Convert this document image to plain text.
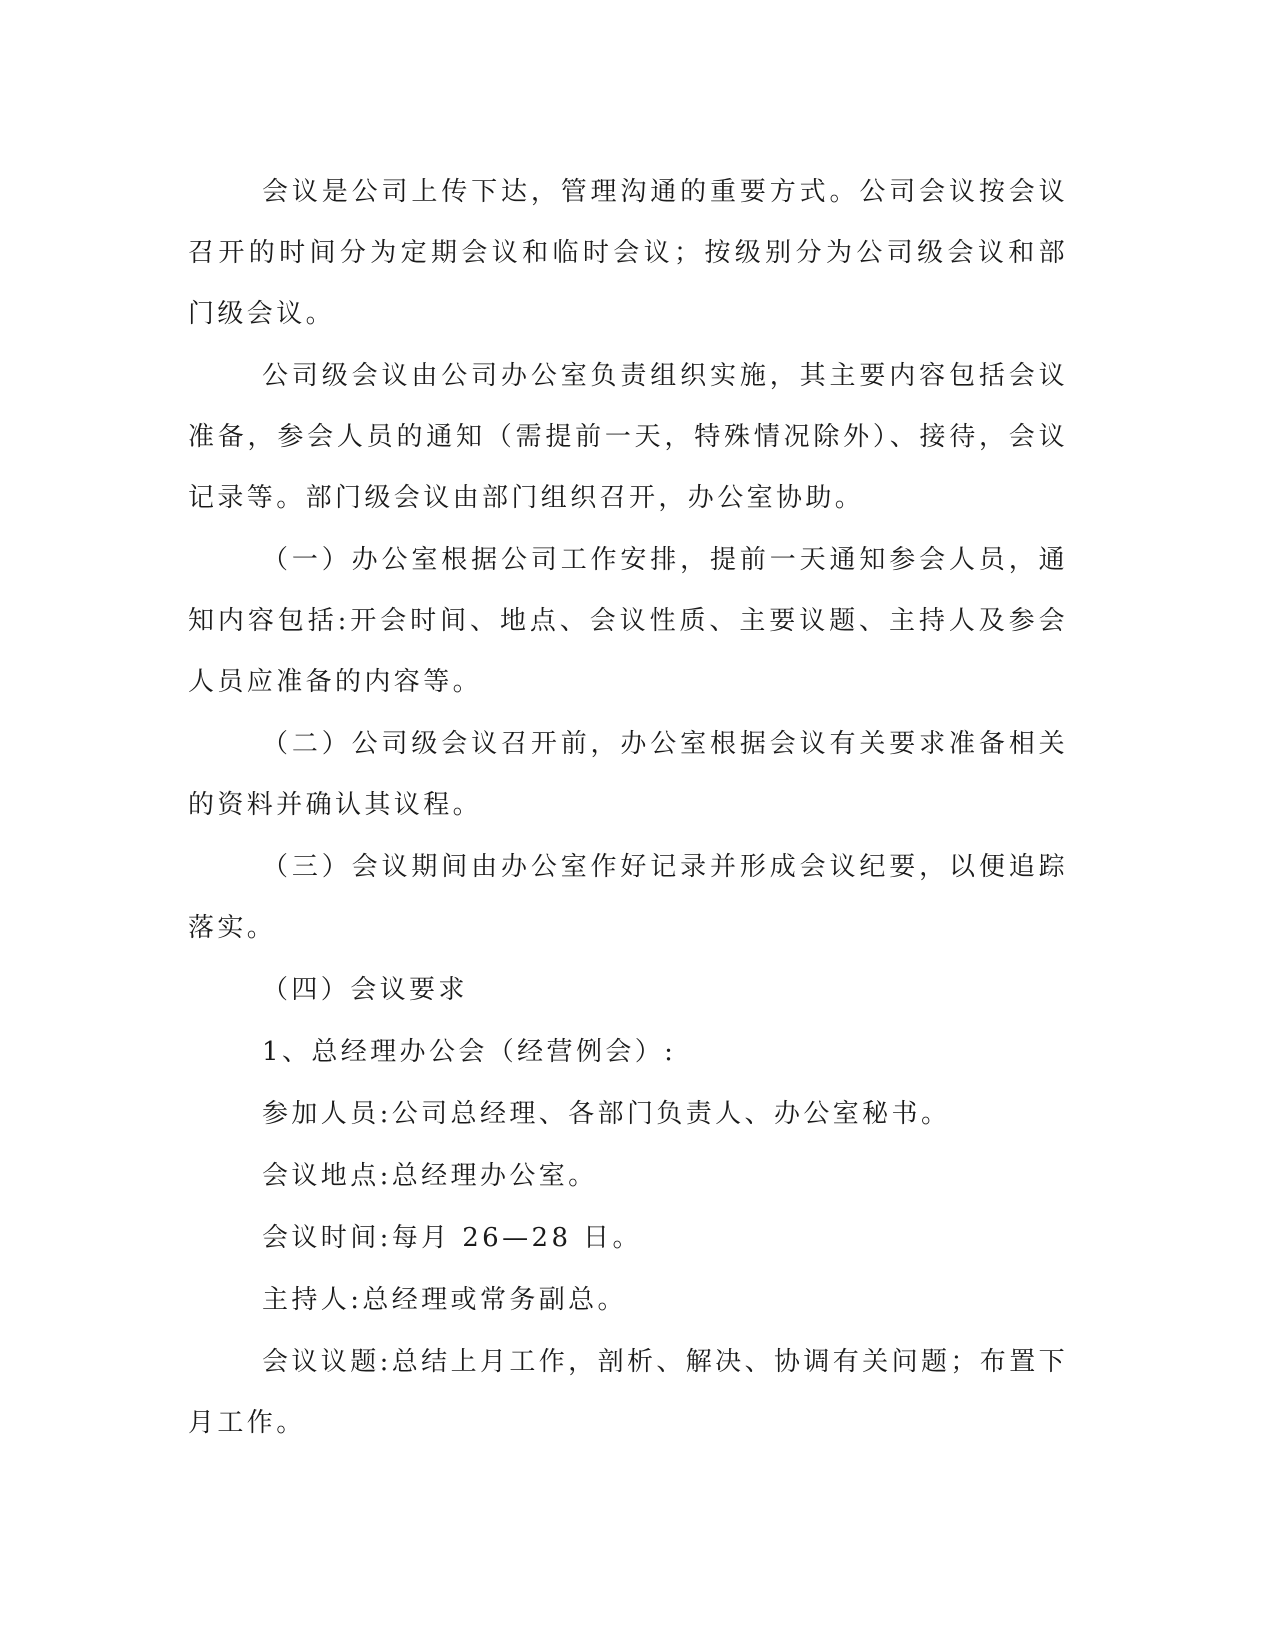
会议是公司上传下达，管理沟通的重要方式。公司会议按会议召开的时间分为定期会议和临时会议；按级别分为公司级会议和部门级会议。

公司级会议由公司办公室负责组织实施，其主要内容包括会议准备，参会人员的通知（需提前一天，特殊情况除外）、接待，会议记录等。部门级会议由部门组织召开，办公室协助。

（一）办公室根据公司工作安排，提前一天通知参会人员，通知内容包括:开会时间、地点、会议性质、主要议题、主持人及参会人员应准备的内容等。

（二）公司级会议召开前，办公室根据会议有关要求准备相关的资料并确认其议程。

（三）会议期间由办公室作好记录并形成会议纪要，以便追踪落实。

（四）会议要求

1、总经理办公会（经营例会）:

参加人员:公司总经理、各部门负责人、办公室秘书。

会议地点:总经理办公室。

会议时间:每月 26—28 日。

主持人:总经理或常务副总。

会议议题:总结上月工作，剖析、解决、协调有关问题；布置下月工作。
